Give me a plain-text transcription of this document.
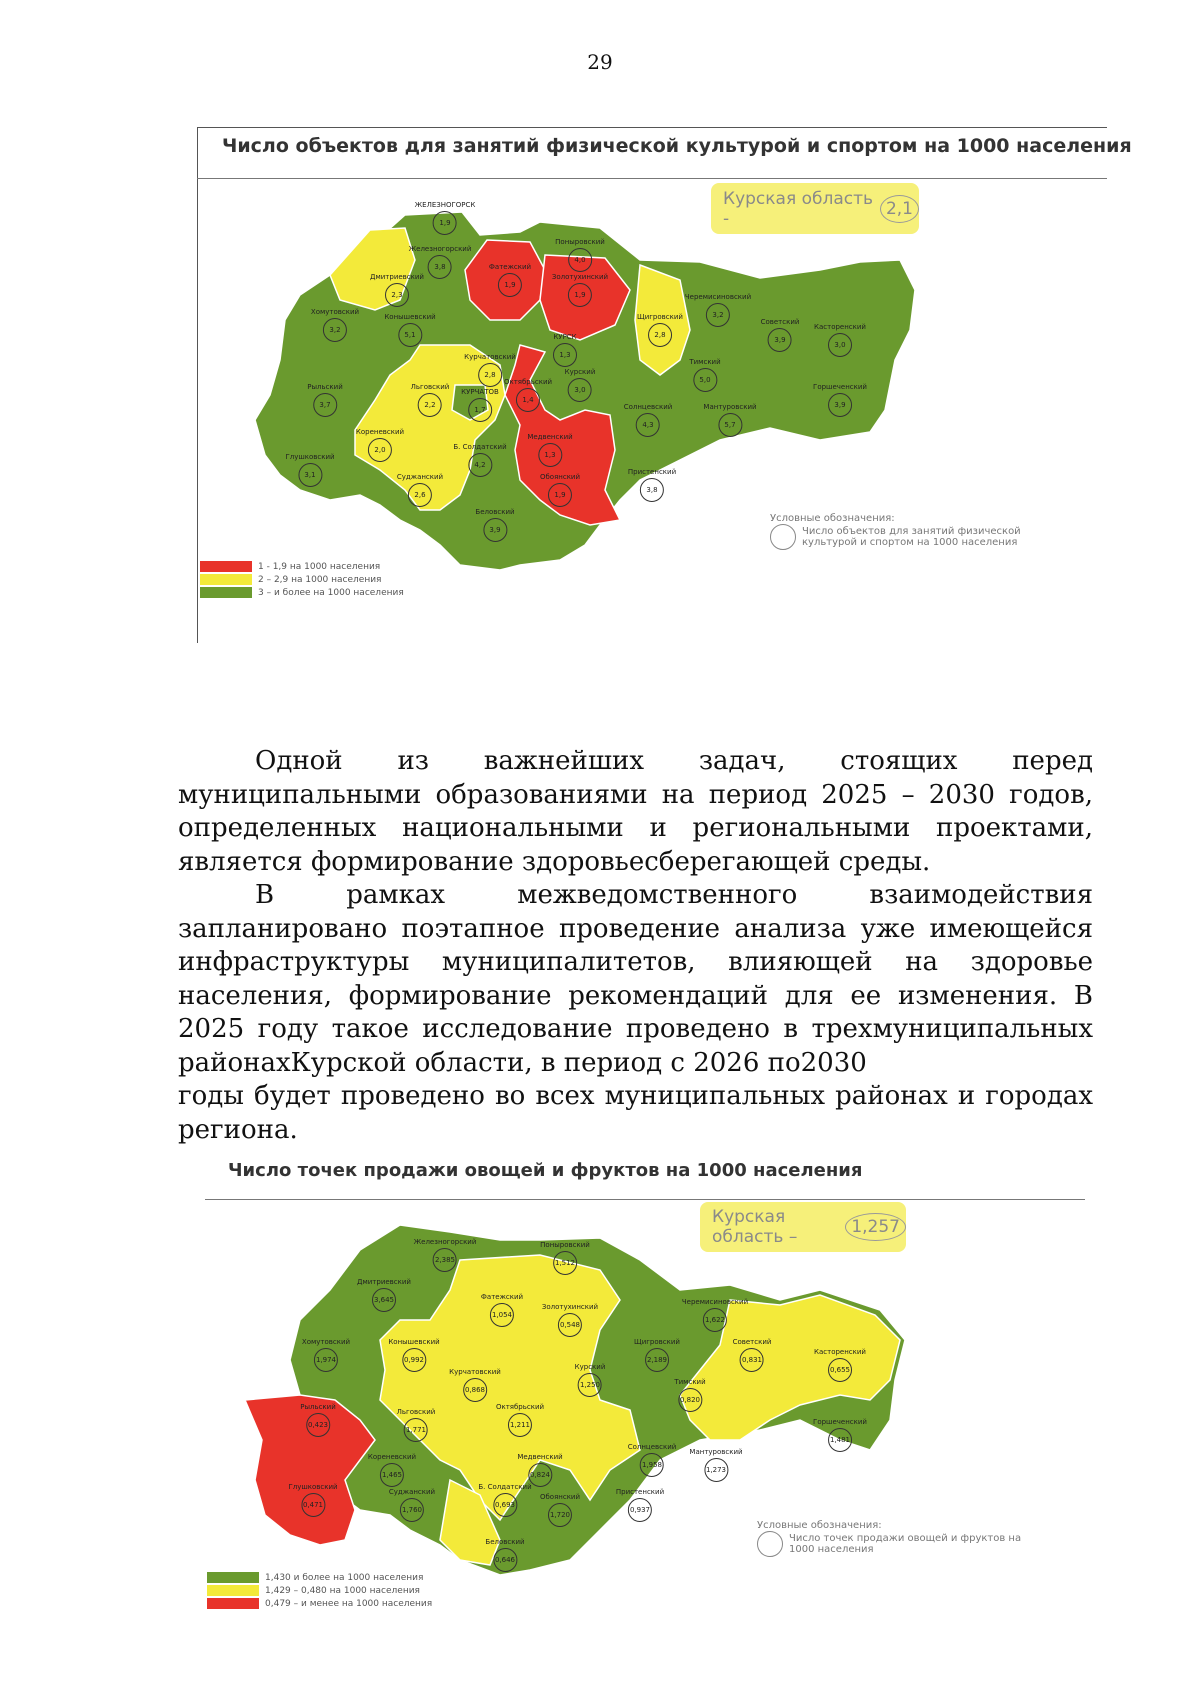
29
Число объектов для занятий физической культурой и спортом на 1000 населения
Курская область -	2,1
ЖЕЛЕЗНОГОРСК
1,9
Железногорский
3,8
Дмитриевский
2,3
Фатежский
1,9
Поныровский
4,0
Золотухинский
1,9
Хомутовский
3,2
Конышевский
5,1
Курчатовский
2,8
КУРСК
1,3
Курский
3,0
Щигровский
2,8
Черемисиновский
3,2
Советский
3,9
Касторенский
3,0
Рыльский
3,7
Льговский
2,2
КУРЧАТОВ
1,7
Октябрьский
1,4
Тимский
5,0
Горшеченский
3,9
Кореневский
2,0	Б. Солдатский
4,2
Медвенский
1,3
Солнцевский
4,3
Мантуровский
5,7
Глушковский
3,1	Суджанский
2,6
Обоянский
1,9
Пристенский
3,8
Беловский
3,9
1 - 1,9 на 1000 населения
2 – 2,9 на 1000 населения
3 – и более на 1000 населения
Условные обозначения:
Число объектов для занятий физической культурой и спортом на 1000 населения

Одной из важнейших задач, стоящих перед муниципальными образованиями на период 2025 – 2030 годов, определенных национальными и региональными проектами, является формирование здоровьесберегающей среды.

В рамках межведомственного взаимодействия запланировано поэтапное проведение анализа уже имеющейся инфраструктуры муниципалитетов, влияющей на здоровье населения, формирование рекомендаций для ее изменения. В 2025 году такое исследование проведено в трехмуниципальных районахКурской области, в период с 2026 по2030

годы будет проведено во всех муниципальных районах и городах региона.

Число точек продажи овощей и фруктов на 1000 населения
Курская область –	1,257
Железногорский
2,385
Поныровский
1,512
Дмитриевский
3,645	Фатежский
1,054
Золотухинский
0,548
Черемисиновский
1,622
Хомутовский
1,974
Конышевский
0,992
Щигровский
2,189
Советский
0,831
Касторенский
0,655
Курчатовский
0,868
Курский
1,250	Тимский
0,820
Рыльский
0,423
Льговский
1,771
Октябрьский
1,211	Горшеченский
1,481
Кореневский
1,465
Медвенский
0,824
Солнцевский
1,958
Мантуровский
1,273
Глушковский
0,471
Суджанский
1,760
Б. Солдатский
0,693
Обоянский
1,720
Пристенский
0,937
Беловский
0,646
Условные обозначения:
Число точек продажи овощей и фруктов на 1000 населения
1,430 и более на 1000 населения
1,429 – 0,480 на 1000 населения
0,479 – и менее на 1000 населения
